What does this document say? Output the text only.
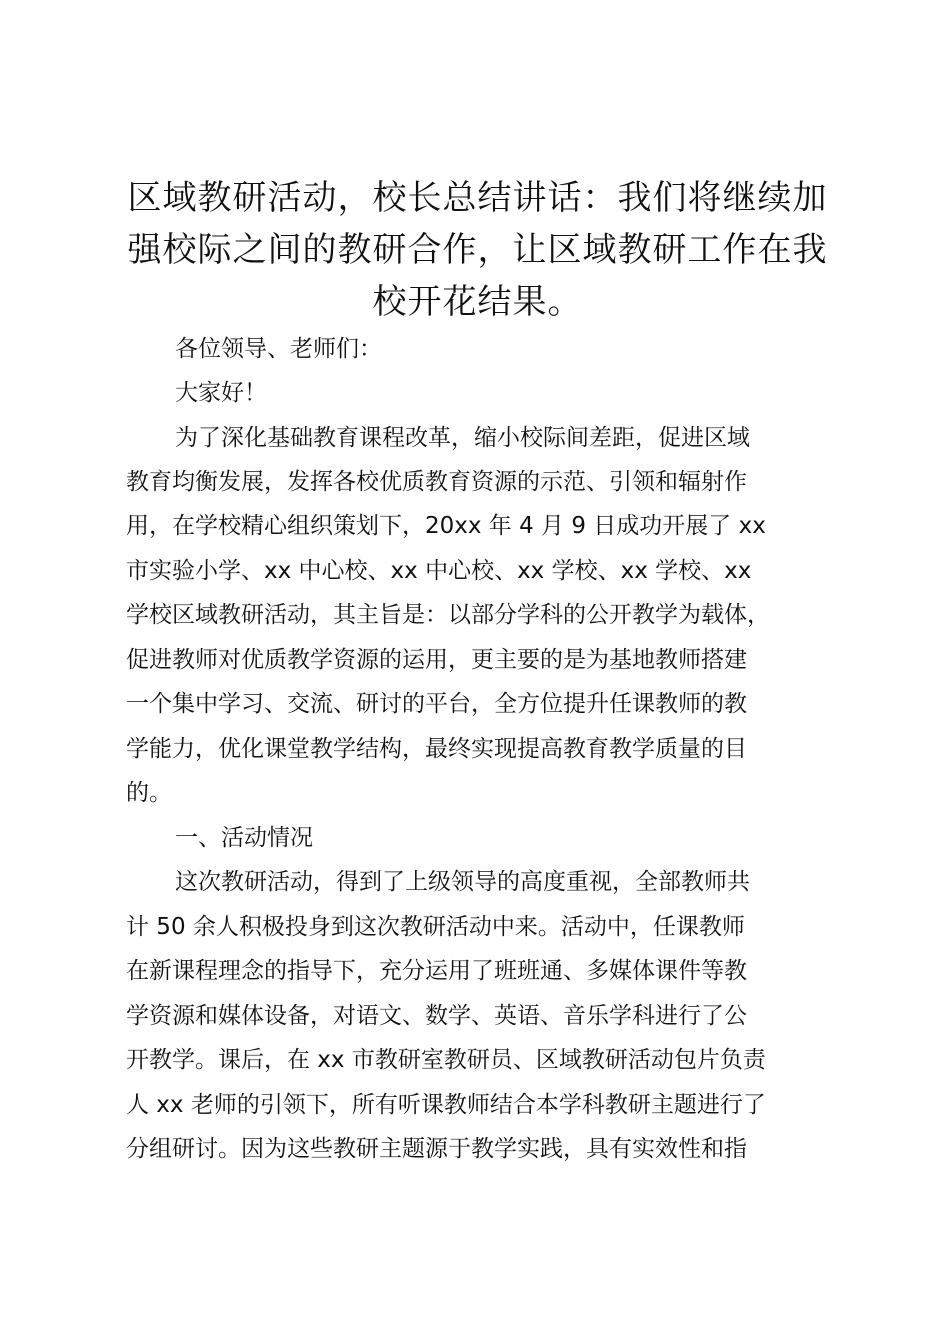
区域教研活动，校长总结讲话：我们将继续加强校际之间的教研合作，让区域教研工作在我校开花结果。
各位领导、老师们：
大家好！
为了深化基础教育课程改革，缩小校际间差距，促进区域
教育均衡发展，发挥各校优质教育资源的示范、引领和辐射作
用，在学校精心组织策划下，20xx 年 4 月 9 日成功开展了 xx
市实验小学、xx 中心校、xx 中心校、xx 学校、xx 学校、xx
学校区域教研活动，其主旨是：以部分学科的公开教学为载体，
促进教师对优质教学资源的运用，更主要的是为基地教师搭建
一个集中学习、交流、研讨的平台，全方位提升任课教师的教
学能力，优化课堂教学结构，最终实现提高教育教学质量的目
的。
一、活动情况
这次教研活动，得到了上级领导的高度重视，全部教师共
计 50 余人积极投身到这次教研活动中来。活动中，任课教师
在新课程理念的指导下，充分运用了班班通、多媒体课件等教
学资源和媒体设备，对语文、数学、英语、音乐学科进行了公
开教学。课后，在 xx 市教研室教研员、区域教研活动包片负责
人 xx 老师的引领下，所有听课教师结合本学科教研主题进行了
分组研讨。因为这些教研主题源于教学实践，具有实效性和指
